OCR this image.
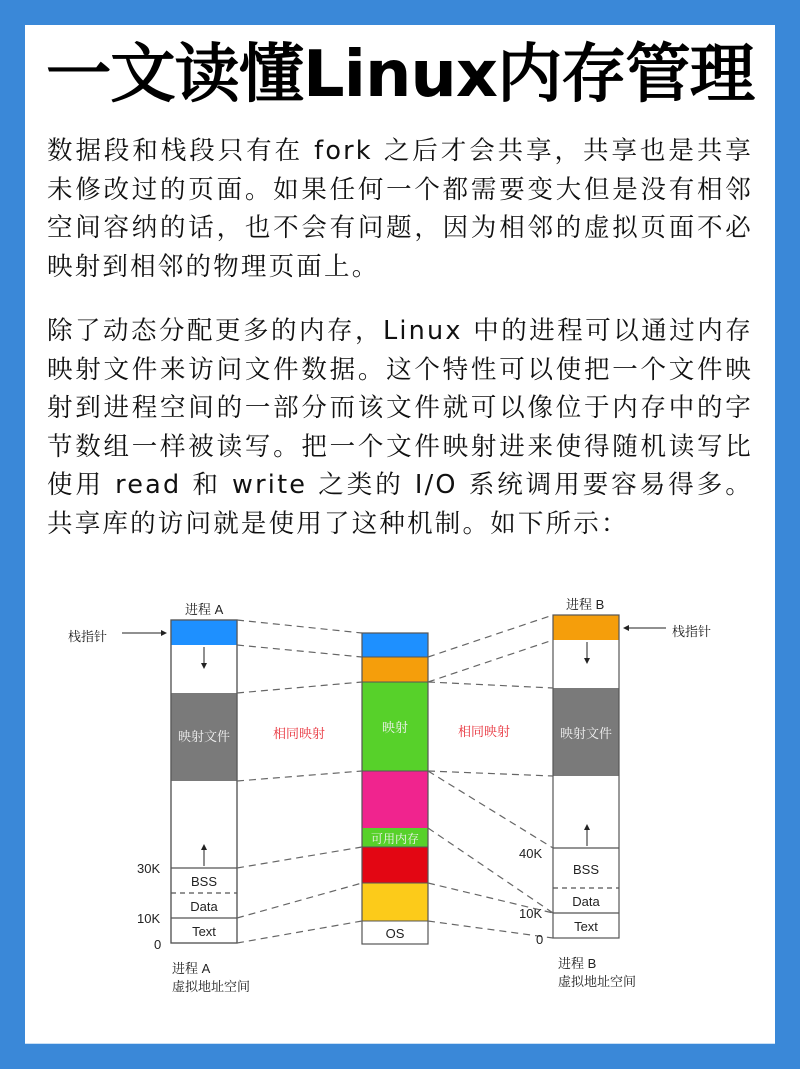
一文读懂Linux内存管理
数据段和栈段只有在 fork 之后才会共享，共享也是共享未修改过的页面。如果任何一个都需要变大但是没有相邻空间容纳的话，也不会有问题，因为相邻的虚拟页面不必映射到相邻的物理页面上。
除了动态分配更多的内存，Linux 中的进程可以通过内存映射文件来访问文件数据。这个特性可以使把一个文件映射到进程空间的一部分而该文件就可以像位于内存中的字节数组一样被读写。把一个文件映射进来使得随机读写比使用 read 和 write 之类的 I/O 系统调用要容易得多。共享库的访问就是使用了这种机制。如下所示：
进程 A
栈指针
映射文件
BSS
Data
Text
30K
10K
0
进程 A
虚拟地址空间
相同映射	映射
可用内存
OS
相同映射
进程 B
栈指针
映射文件
BSS
Data
Text
40K
10K
0
进程 B
虚拟地址空间
